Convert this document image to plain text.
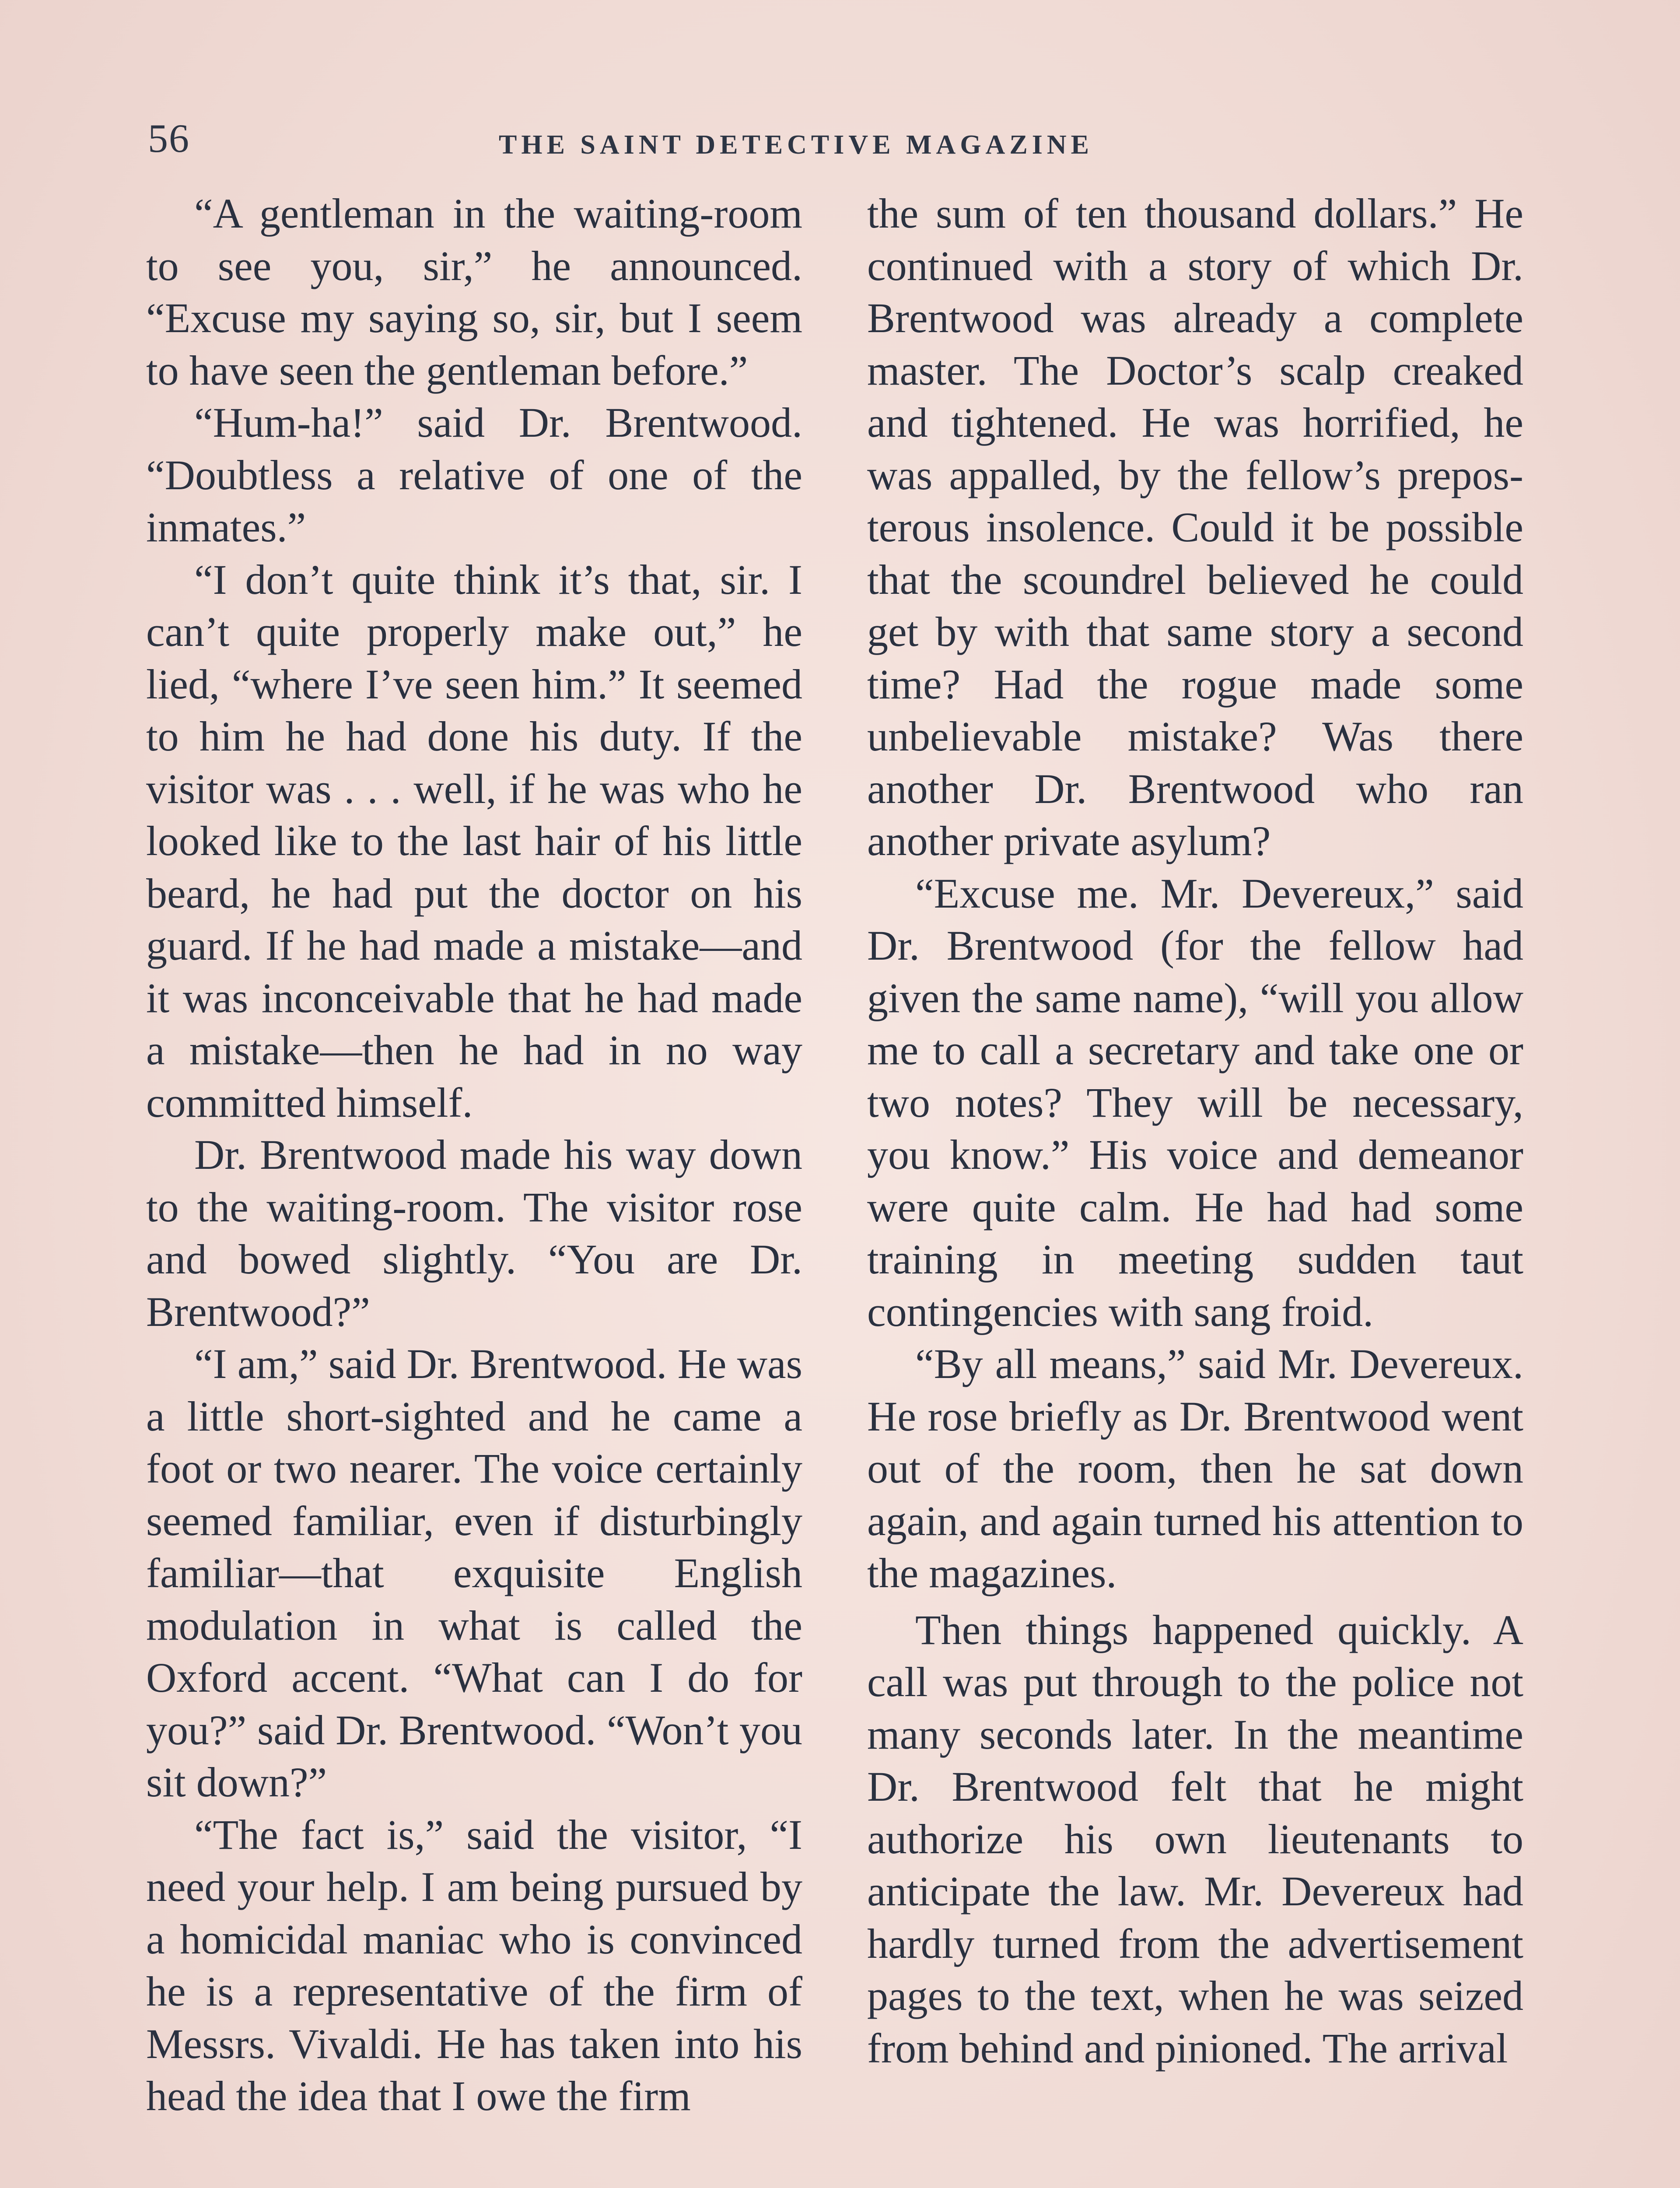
56	THE SAINT DETECTIVE MAGAZINE

“A gentleman in the waiting-room to see you, sir,” he announced. “Excuse my saying so, sir, but I seem to have seen the gentleman before.”

“Hum-ha!” said Dr. Brentwood. “Doubtless a relative of one of the inmates.”

“I don’t quite think it’s that, sir. I can’t quite properly make out,” he lied, “where I’ve seen him.” It seemed to him he had done his duty. If the visitor was . . . well, if he was who he looked like to the last hair of his little beard, he had put the doctor on his guard. If he had made a mistake—and it was inconceivable that he had made a mistake—then he had in no way committed himself.

Dr. Brentwood made his way down to the waiting-room. The visitor rose and bowed slightly. “You are Dr. Brentwood?”

“I am,” said Dr. Brentwood. He was a little short-sighted and he came a foot or two nearer. The voice certainly seemed familiar, even if disturbingly familiar—that exquisite English modulation in what is called the Oxford accent. “What can I do for you?” said Dr. Brentwood. “Won’t you sit down?”

“The fact is,” said the visitor, “I need your help. I am being pursued by a homicidal maniac who is convinced he is a representative of the firm of Messrs. Vivaldi. He has taken into his head the idea that I owe the firm

the sum of ten thousand dollars.” He continued with a story of which Dr. Brentwood was already a complete master. The Doctor’s scalp creaked and tightened. He was horrified, he was appalled, by the fellow’s preposterous insolence. Could it be possible that the scoundrel believed he could get by with that same story a second time? Had the rogue made some unbelievable mistake? Was there another Dr. Brentwood who ran another private asylum?

“Excuse me. Mr. Devereux,” said Dr. Brentwood (for the fellow had given the same name), “will you allow me to call a secretary and take one or two notes? They will be necessary, you know.” His voice and demeanor were quite calm. He had had some training in meeting sudden taut contingencies with sang froid.

“By all means,” said Mr. Devereux. He rose briefly as Dr. Brentwood went out of the room, then he sat down again, and again turned his attention to the magazines.

Then things happened quickly. A call was put through to the police not many seconds later. In the meantime Dr. Brentwood felt that he might authorize his own lieutenants to anticipate the law. Mr. Devereux had hardly turned from the advertisement pages to the text, when he was seized from behind and pinioned. The arrival
